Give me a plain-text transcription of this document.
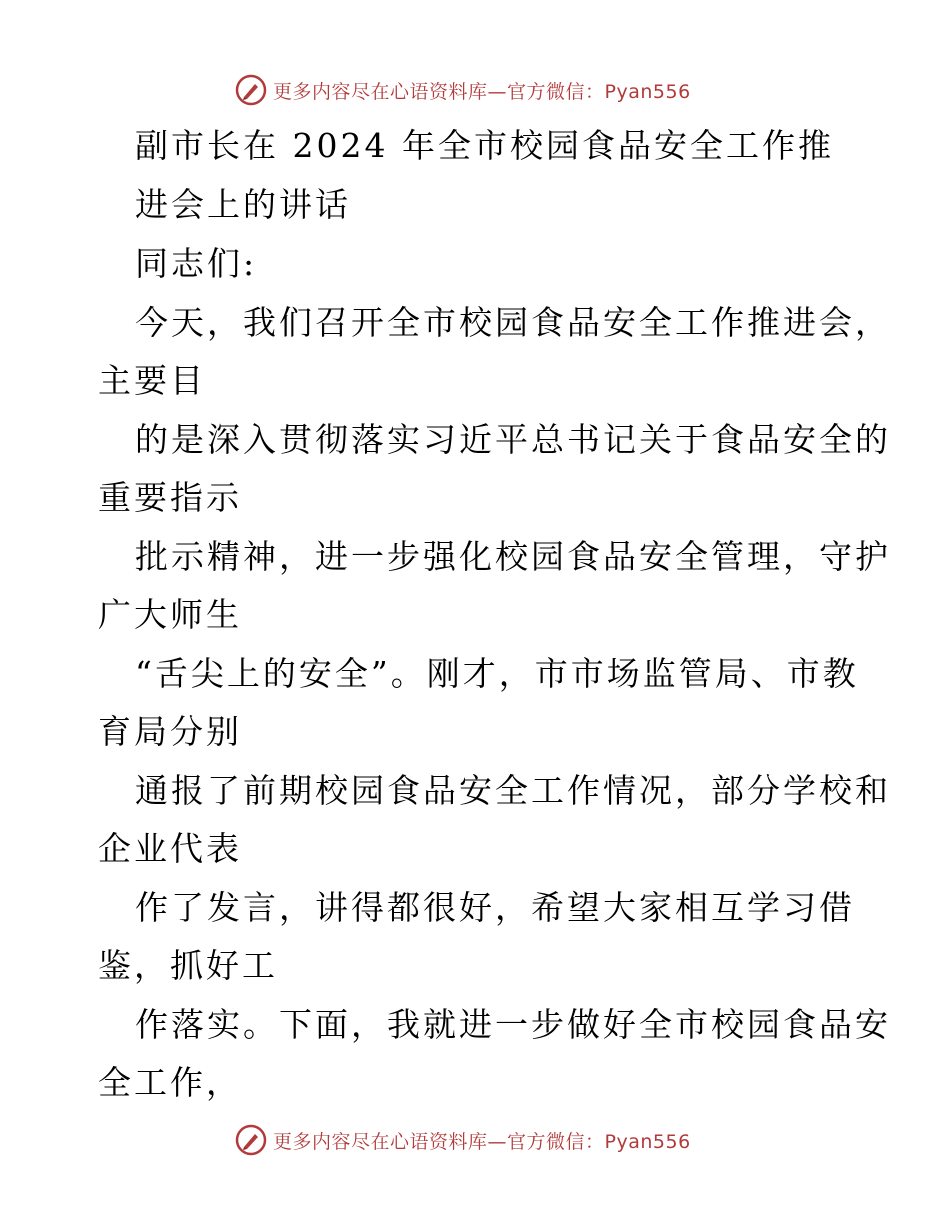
更多内容尽在心语资料库—官方微信：Pyan556
副市长在 2024 年全市校园食品安全工作推
进会上的讲话
同志们:
今天，我们召开全市校园食品安全工作推进会，
主要目
的是深入贯彻落实习近平总书记关于食品安全的
重要指示
批示精神，进一步强化校园食品安全管理，守护
广大师生
“舌尖上的安全”。刚才，市市场监管局、市教
育局分别
通报了前期校园食品安全工作情况，部分学校和
企业代表
作了发言，讲得都很好，希望大家相互学习借
鉴，抓好工
作落实。下面，我就进一步做好全市校园食品安
全工作，
更多内容尽在心语资料库—官方微信：Pyan556
